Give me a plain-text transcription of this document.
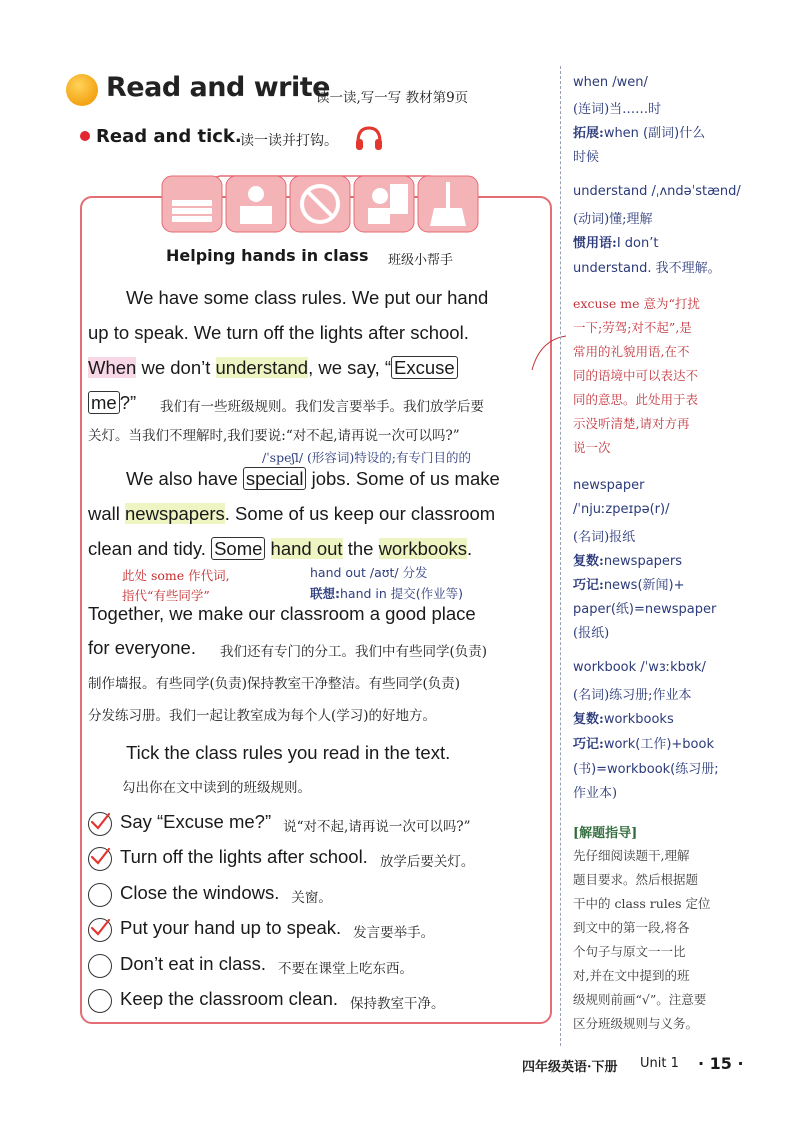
Read and write
读一读,写一写 教材第9页
Read and tick.
读一读并打钩。
Helping hands in class 班级小帮手
We have some class rules. We put our hand
up to speak. We turn off the lights after school.
When we don’t understand, we say, “ Excuse
me ?” 我们有一些班级规则。我们发言要举手。我们放学后要
关灯。当我们不理解时,我们要说:“对不起,请再说一次可以吗?”
/ˈspeʃl/ (形容词)特设的;有专门目的的
We also have special jobs. Some of us make
wall newspapers. Some of us keep our classroom
clean and tidy. Some hand out the workbooks.
此处 some 作代词,
指代“有些同学”
hand out /aʊt/ 分发
联想:hand in 提交(作业等)
Together, we make our classroom a good place
for everyone. 我们还有专门的分工。我们中有些同学(负责)
制作墙报。有些同学(负责)保持教室干净整洁。有些同学(负责)
分发练习册。我们一起让教室成为每个人(学习)的好地方。
Tick the class rules you read in the text.
勾出你在文中读到的班级规则。
Say “Excuse me?” 说“对不起,请再说一次可以吗?”
Turn off the lights after school. 放学后要关灯。
Close the windows. 关窗。
Put your hand up to speak. 发言要举手。
Don’t eat in class. 不要在课堂上吃东西。
Keep the classroom clean. 保持教室干净。
when /wen/
(连词)当……时
拓展:when (副词)什么
时候
understand /ˌʌndəˈstænd/
(动词)懂;理解
惯用语:I don’t
understand. 我不理解。
excuse me 意为“打扰
一下;劳驾;对不起”,是
常用的礼貌用语,在不
同的语境中可以表达不
同的意思。此处用于表
示没听清楚,请对方再
说一次
newspaper
/ˈnjuːzpeɪpə(r)/
(名词)报纸
复数:newspapers
巧记:news(新闻)+
paper(纸)=newspaper
(报纸)
workbook /ˈwɜːkbʊk/
(名词)练习册;作业本
复数:workbooks
巧记:work(工作)+book
(书)=workbook(练习册;
作业本)
[解题指导]
先仔细阅读题干,理解
题目要求。然后根据题
干中的 class rules 定位
到文中的第一段,将各
个句子与原文一一比
对,并在文中提到的班
级规则前画“√”。注意要
区分班级规则与义务。
四年级英语·下册 Unit 1 · 15 ·
